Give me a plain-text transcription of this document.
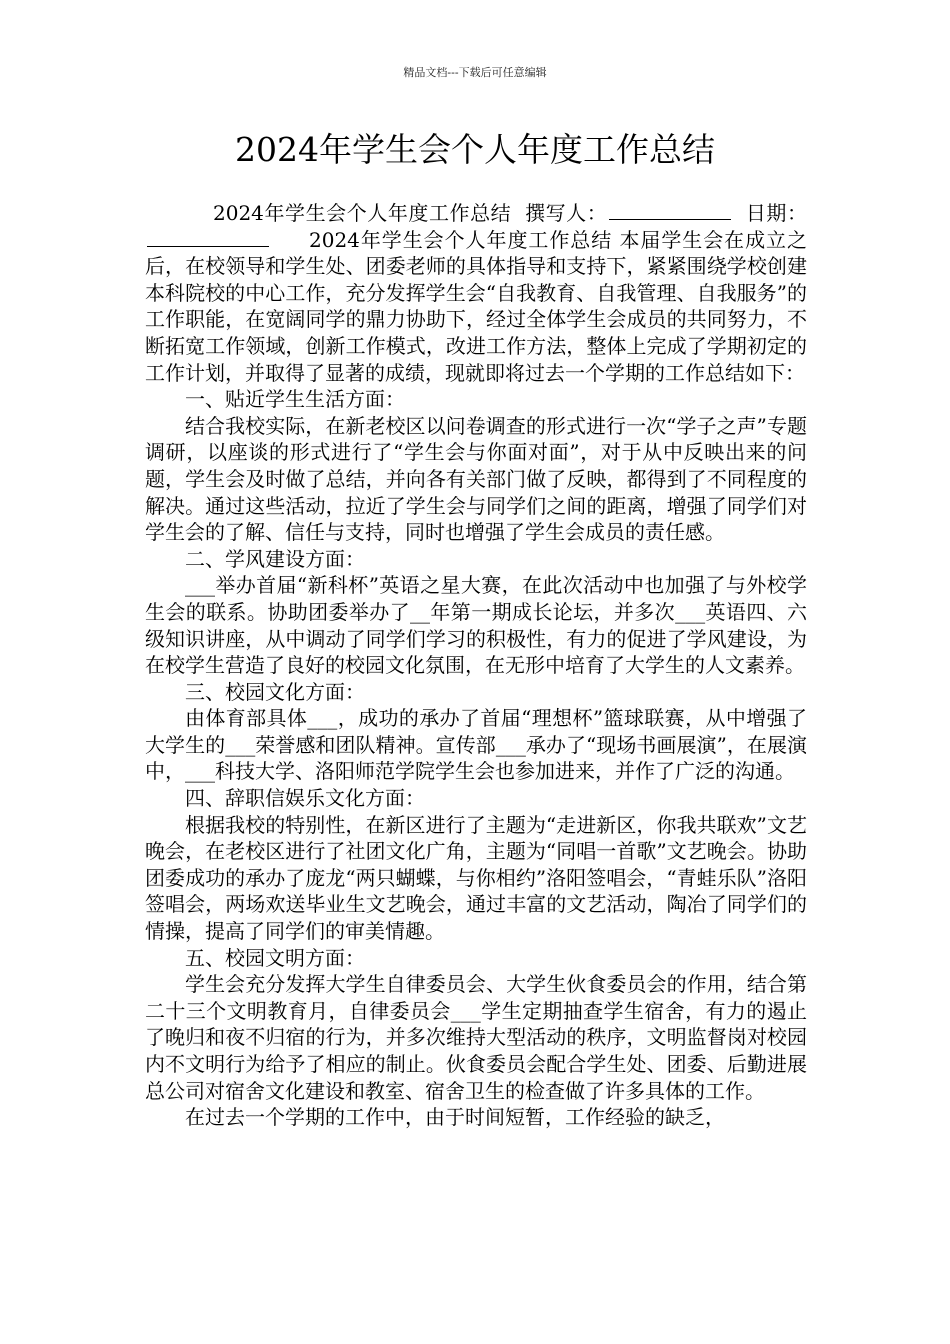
精品文档---下载后可任意编辑
2024年学生会个人年度工作总结

2024年学生会个人年度工作总结 撰写人：	日期：2024年学生会个人年度工作总结 本届学生会在成立之后，在校领导和学生处、团委老师的具体指导和支持下，紧紧围绕学校创建本科院校的中心工作，充分发挥学生会“自我教育、自我管理、自我服务”的工作职能，在宽阔同学的鼎力协助下，经过全体学生会成员的共同努力，不断拓宽工作领域，创新工作模式，改进工作方法，整体上完成了学期初定的工作计划，并取得了显著的成绩，现就即将过去一个学期的工作总结如下：

一、贴近学生生活方面：

结合我校实际，在新老校区以问卷调查的形式进行一次“学子之声”专题调研，以座谈的形式进行了“学生会与你面对面”，对于从中反映出来的问题，学生会及时做了总结，并向各有关部门做了反映，都得到了不同程度的解决。通过这些活动，拉近了学生会与同学们之间的距离，增强了同学们对学生会的了解、信任与支持，同时也增强了学生会成员的责任感。

二、学风建设方面：

___举办首届“新科杯”英语之星大赛，在此次活动中也加强了与外校学生会的联系。协助团委举办了__年第一期成长论坛，并多次___英语四、六级知识讲座，从中调动了同学们学习的积极性，有力的促进了学风建设，为在校学生营造了良好的校园文化氛围，在无形中培育了大学生的人文素养。

三、校园文化方面：

由体育部具体___，成功的承办了首届“理想杯”篮球联赛，从中增强了大学生的___荣誉感和团队精神。宣传部___承办了“现场书画展演”，在展演中，___科技大学、洛阳师范学院学生会也参加进来，并作了广泛的沟通。

四、辞职信娱乐文化方面：

根据我校的特别性，在新区进行了主题为“走进新区，你我共联欢”文艺晚会，在老校区进行了社团文化广角，主题为“同唱一首歌”文艺晚会。协助团委成功的承办了庞龙“两只蝴蝶，与你相约”洛阳签唱会，“青蛙乐队”洛阳签唱会，两场欢送毕业生文艺晚会，通过丰富的文艺活动，陶冶了同学们的情操，提高了同学们的审美情趣。

五、校园文明方面：

学生会充分发挥大学生自律委员会、大学生伙食委员会的作用，结合第二十三个文明教育月，自律委员会___学生定期抽查学生宿舍，有力的遏止了晚归和夜不归宿的行为，并多次维持大型活动的秩序，文明监督岗对校园内不文明行为给予了相应的制止。伙食委员会配合学生处、团委、后勤进展总公司对宿舍文化建设和教室、宿舍卫生的检查做了许多具体的工作。

在过去一个学期的工作中，由于时间短暂，工作经验的缺乏，
